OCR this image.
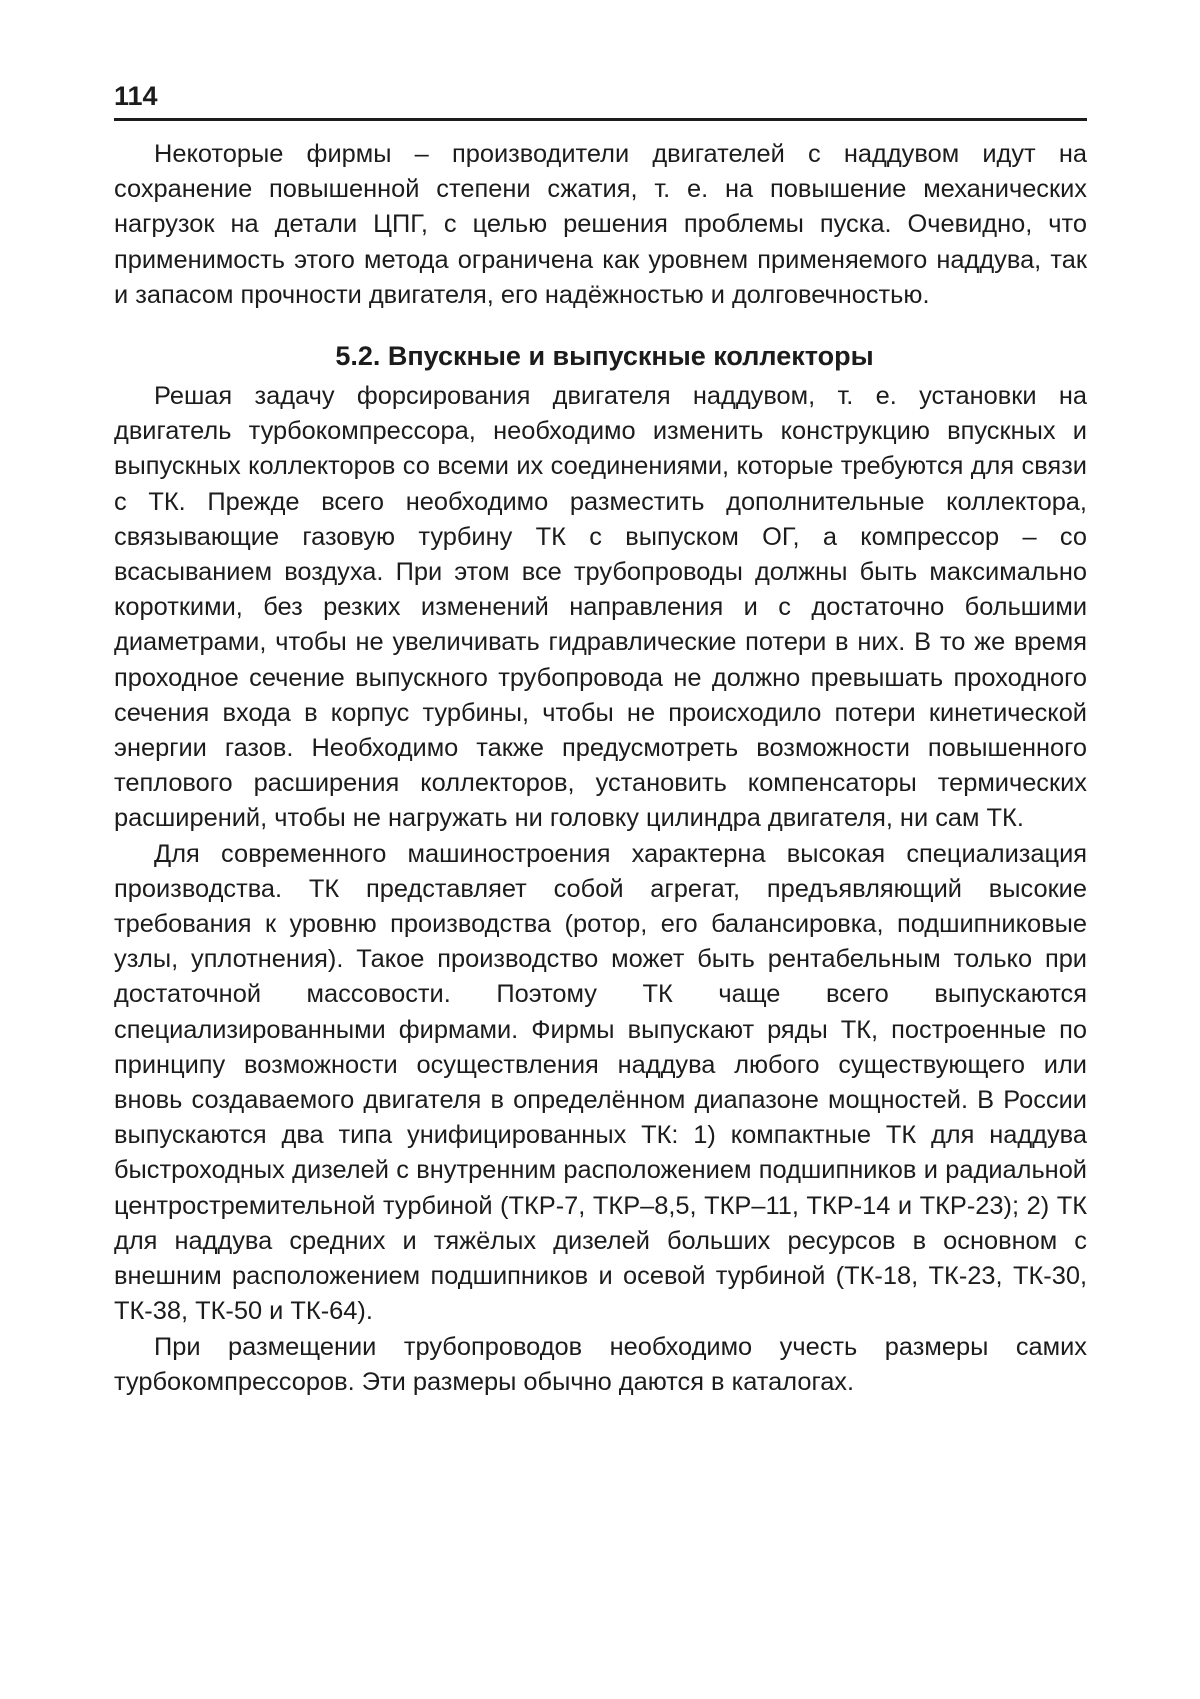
114

Некоторые фирмы – производители двигателей с наддувом идут на сохранение повышенной степени сжатия, т. е. на повышение механических нагрузок на детали ЦПГ, с целью решения проблемы пуска. Очевидно, что применимость этого метода ограничена как уровнем применяемого наддува, так и запасом прочности двигателя, его надёжностью и долговечностью.

5.2. Впускные и выпускные коллекторы

Решая задачу форсирования двигателя наддувом, т. е. установки на двигатель турбокомпрессора, необходимо изменить конструкцию впускных и выпускных коллекторов со всеми их соединениями, которые требуются для связи с ТК. Прежде всего необходимо разместить дополнительные коллектора, связывающие газовую турбину ТК с выпуском ОГ, а компрессор – со всасыванием воздуха. При этом все трубопроводы должны быть максимально короткими, без резких изменений направления и с достаточно большими диаметрами, чтобы не увеличивать гидравлические потери в них. В то же время проходное сечение выпускного трубопровода не должно превышать проходного сечения входа в корпус турбины, чтобы не происходило потери кинетической энергии газов. Необходимо также предусмотреть возможности повышенного теплового расширения коллекторов, установить компенсаторы термических расширений, чтобы не нагружать ни головку цилиндра двигателя, ни сам ТК.

Для современного машиностроения характерна высокая специализация производства. ТК представляет собой агрегат, предъявляющий высокие требования к уровню производства (ротор, его балансировка, подшипниковые узлы, уплотнения). Такое производство может быть рентабельным только при достаточной массовости. Поэтому ТК чаще всего выпускаются специализированными фирмами. Фирмы выпускают ряды ТК, построенные по принципу возможности осуществления наддува любого существующего или вновь создаваемого двигателя в определённом диапазоне мощностей. В России выпускаются два типа унифицированных ТК: 1) компактные ТК для наддува быстроходных дизелей с внутренним расположением подшипников и радиальной центростремительной турбиной (ТКР-7, ТКР–8,5, ТКР–11, ТКР-14 и ТКР-23); 2) ТК для наддува средних и тяжёлых дизелей больших ресурсов в основном с внешним расположением подшипников и осевой турбиной (ТК-18, ТК-23, ТК-30, ТК-38, ТК-50 и ТК-64).

При размещении трубопроводов необходимо учесть размеры самих турбокомпрессоров. Эти размеры обычно даются в каталогах.
